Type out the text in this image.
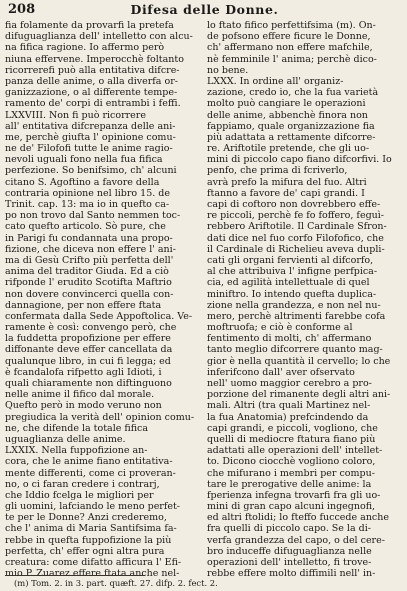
208	Difesa delle Donne.
fia folamente da provarfi la pretefa
difuguaglianza dell' intelletto con alcu-
na fifica ragione. Io affermo però
niuna effervene. Imperocchè foltanto
ricorrerefi può alla entitativa difcre-
panza delle anime, o alla diverfa or-
ganizzazione, o al differente tempe-
ramento de' corpi di entrambi i feffi.
LXXVIII. Non fi può ricorrere
all' entitativa difcrepanza delle ani-
me, perchè giufta l' opinione comu-
ne de' Filofofi tutte le anime ragio-
nevoli uguali fono nella fua fifica
perfezione. So benifsimo, ch' alcuni
citano S. Agoftino a favore della
contraria opinione nel libro 15. de
Trinit. cap. 13: ma io in quefto ca-
po non trovo dal Santo nemmen toc-
cato quefto articolo. Sò pure, che
in Parigi fu condannata una propo-
fizione, che diceva non effere l' ani-
ma di Gesù Crifto più perfetta dell'
anima del traditor Giuda. Ed a ciò
rifponde l' erudito Scotifta Maftrio
non dovere convincerci quella con-
dannagione, per non effere ftata
confermata dalla Sede Appoftolica. Ve-
ramente è così: convengo però, che
la fuddetta propofizione per effere
diffonante deve effer cancellata da
qualunque libro, in cui fi legga; ed
è fcandalofa rifpetto agli Idioti, i
quali chiaramente non diftinguono
nelle anime il fifico dal morale.
Quefto però in modo veruno non
pregiudica la verità dell' opinion comu-
ne, che difende la totale fifica
uguaglianza delle anime.
LXXIX. Nella fuppofizione an-
cora, che le anime fiano entitativa-
mente differenti, come ci proveran-
no, o ci faran credere i contrarj,
che Iddio fcelga le migliori per
gli uomini, lafciando le meno perfet-
te per le Donne? Anzi crederemo,
che l' anima di Maria Santifsima fa-
rebbe in quefta fuppofizione la più
perfetta, ch' effer ogni altra pura
creatura: come difatto afficura l' Efi-
mio P. Zuarez effere ftata anche nel-
lo ftato fifico perfettifsima (m). On-
de pofsono effere ficure le Donne,
ch' affermano non effere mafchile,
nè femminile l' anima; perchè dico-
no bene.
LXXX. In ordine all' organiz-
zazione, credo io, che la fua varietà
molto può cangiare le operazioni
delle anime, abbenchè finora non
fappiamo, quale organizzazione fia
più adattata a rettamente difcorre-
re. Ariftotile pretende, che gli uo-
mini di piccolo capo fiano difcorfivi. Io
penfo, che prima di fcriverlo,
avrà prefo la mifura del fuo. Altri
ftanno a favore de' capi grandi. I
capi di coftoro non dovrebbero effe-
re piccoli, perchè fe fo foffero, feguì-
rebbero Ariftotile. Il Cardinale Sfron-
dati dice nel fuo corfo Filofofico, che
il Cardinale di Richelieu aveva dupli-
cati gli organi fervienti al difcorfo,
al che attribuiva l' infigne perfpica-
cia, ed agilità intellettuale di quel
miniftro. Io intendo quefta duplica-
zione nella grandezza, e non nel nu-
mero, perchè altrimenti farebbe cofa
moftruofa; e ciò è conforme al
fentimento di molti, ch' affermano
tanto meglio difcorrere quanto mag-
gior è nella quantità il cervello; lo che
inferifcono dall' aver ofservato
nell' uomo maggior cerebro a pro-
porzione del rimanente degli altri ani-
mali. Altri (tra quali Martinez nel-
la fua Anatomia) prefcindendo da
capi grandi, e piccoli, vogliono, che
quelli di mediocre ftatura fiano più
adattati alle operazioni dell' intellet-
to. Dicono ciocchè vogliono coloro,
che mifurano i membri per compu-
tare le prerogative delle anime: la
fperienza infegna trovarfi fra gli uo-
mini di gran capo alcuni ingegnofi,
ed altri ftolidi; lo fteffo fuccede anche
fra quelli di piccolo capo. Se la di-
verfa grandezza del capo, o del cere-
bro induceffe difuguaglianza nelle
operazioni dell' intelletto, fi trove-
rebbe effere molto diffimili nell' in-
(m) Tom. 2. in 3. part. quæft. 27. difp. 2. fect. 2.
